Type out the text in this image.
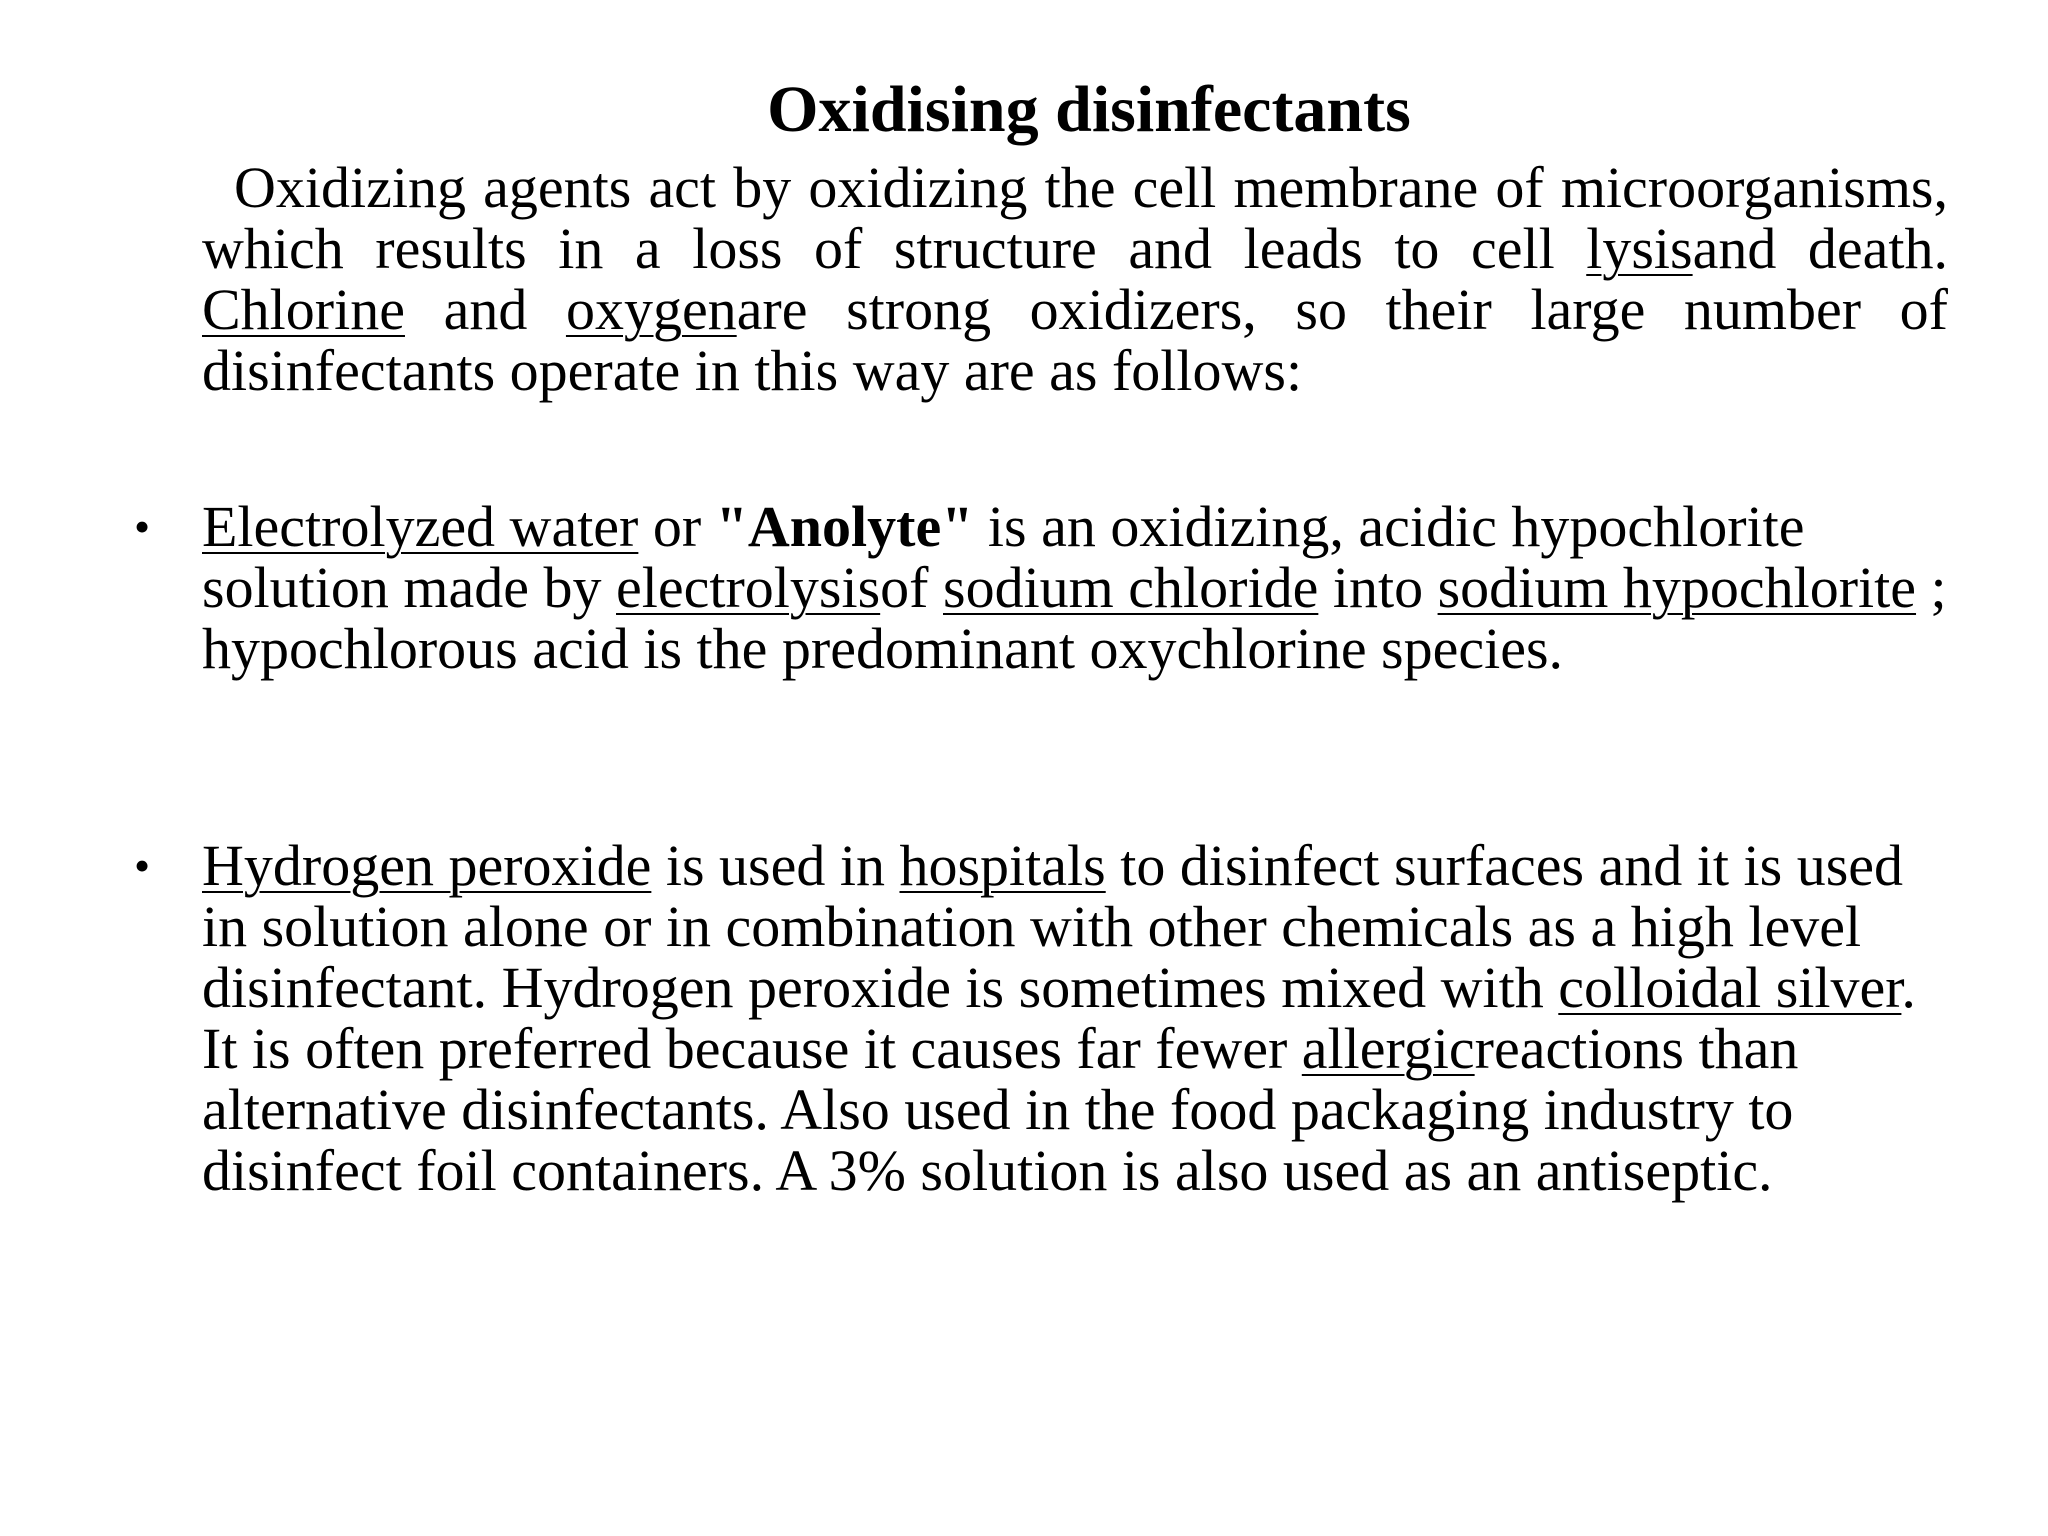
Oxidising disinfectants

Oxidizing agents act by oxidizing the cell membrane of microorganisms, which results in a loss of structure and leads to cell lysisand death. Chlorine and oxygenare strong oxidizers, so their large number of disinfectants operate in this way are as follows:

• Electrolyzed water or "Anolyte" is an oxidizing, acidic hypochlorite solution made by electrolysisof sodium chloride into sodium hypochlorite ; hypochlorous acid is the predominant oxychlorine species.
• Hydrogen peroxide is used in hospitals to disinfect surfaces and it is used in solution alone or in combination with other chemicals as a high level disinfectant. Hydrogen peroxide is sometimes mixed with colloidal silver. It is often preferred because it causes far fewer allergicreactions than alternative disinfectants. Also used in the food packaging industry to disinfect foil containers. A 3% solution is also used as an antiseptic.
